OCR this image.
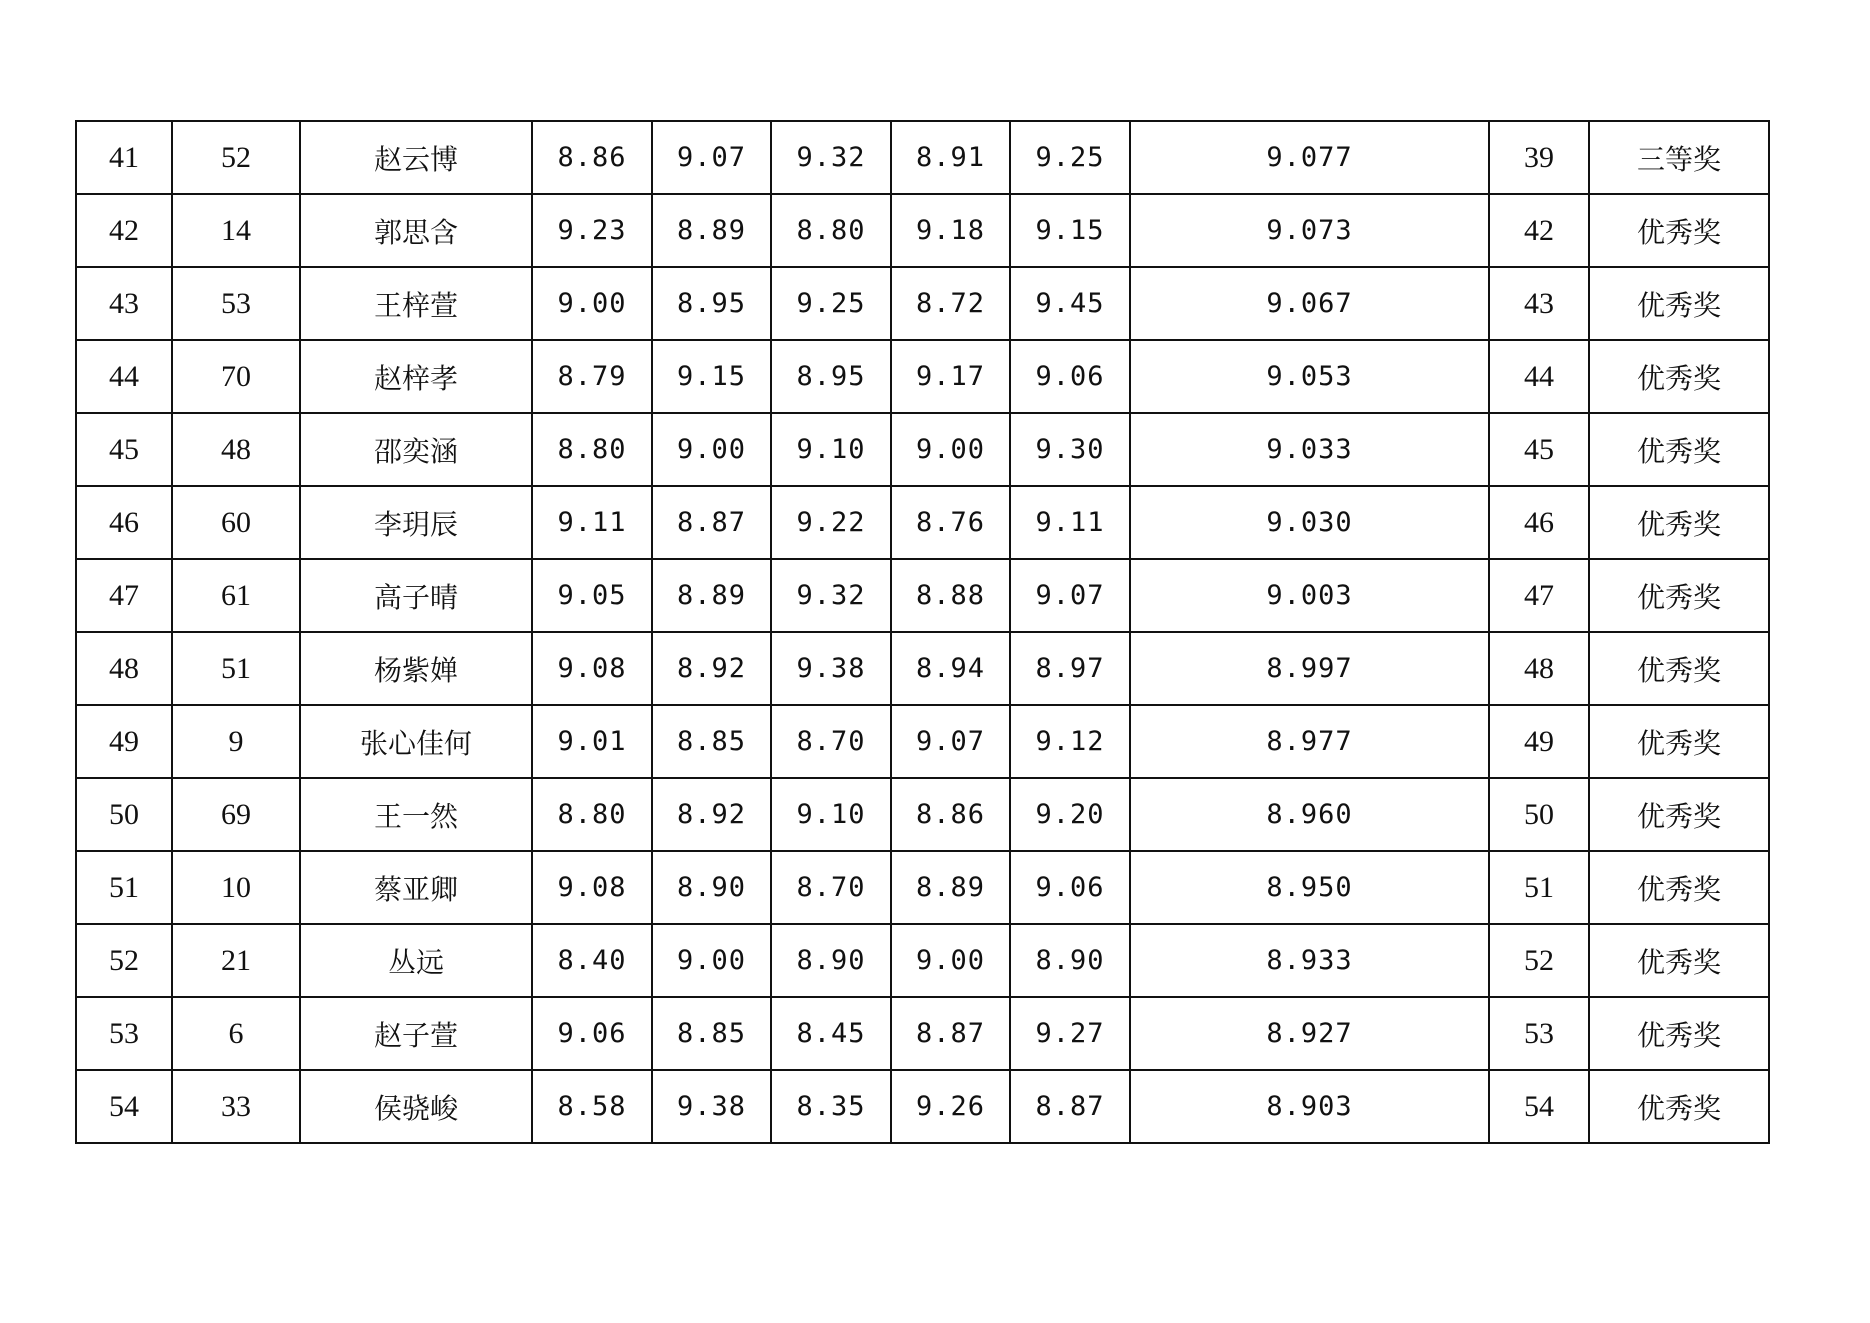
41	52	赵云博	8.86	9.07	9.32	8.91	9.25	9.077	39	三等奖
42	14	郭思含	9.23	8.89	8.80	9.18	9.15	9.073	42	优秀奖
43	53	王梓萱	9.00	8.95	9.25	8.72	9.45	9.067	43	优秀奖
44	70	赵梓孝	8.79	9.15	8.95	9.17	9.06	9.053	44	优秀奖
45	48	邵奕涵	8.80	9.00	9.10	9.00	9.30	9.033	45	优秀奖
46	60	李玥辰	9.11	8.87	9.22	8.76	9.11	9.030	46	优秀奖
47	61	高子晴	9.05	8.89	9.32	8.88	9.07	9.003	47	优秀奖
48	51	杨紫婵	9.08	8.92	9.38	8.94	8.97	8.997	48	优秀奖
49	9	张心佳何	9.01	8.85	8.70	9.07	9.12	8.977	49	优秀奖
50	69	王一然	8.80	8.92	9.10	8.86	9.20	8.960	50	优秀奖
51	10	蔡亚卿	9.08	8.90	8.70	8.89	9.06	8.950	51	优秀奖
52	21	丛远	8.40	9.00	8.90	9.00	8.90	8.933	52	优秀奖
53	6	赵子萱	9.06	8.85	8.45	8.87	9.27	8.927	53	优秀奖
54	33	侯骁峻	8.58	9.38	8.35	9.26	8.87	8.903	54	优秀奖
